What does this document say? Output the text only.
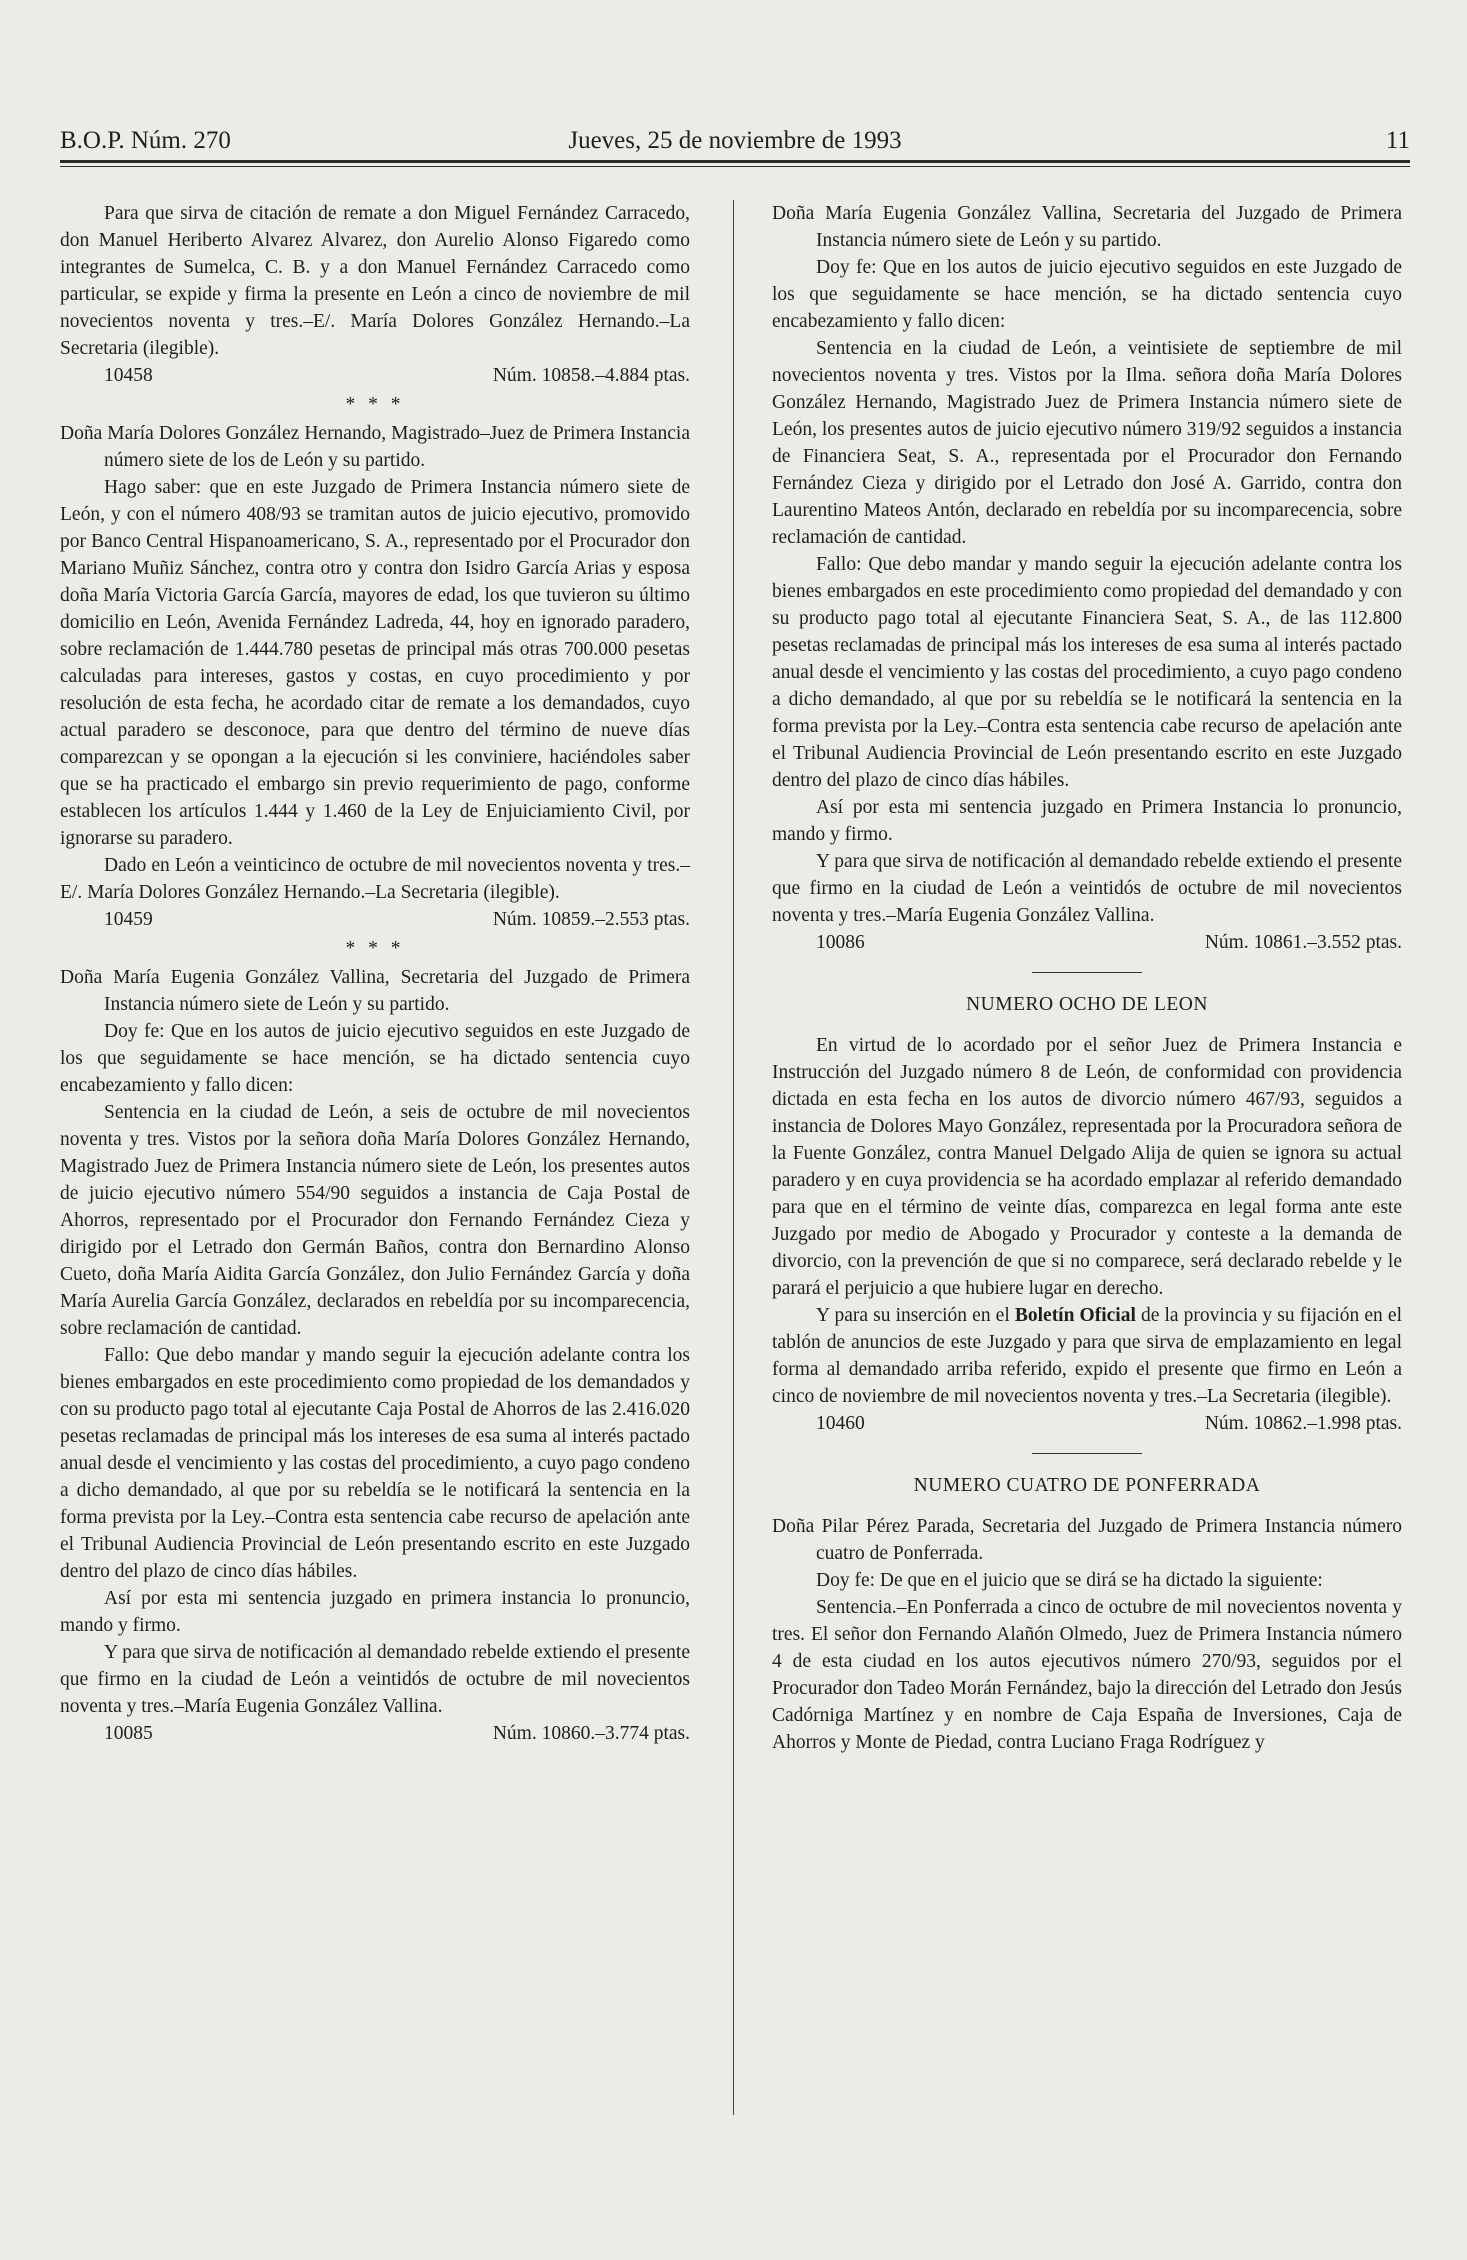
B.O.P. Núm. 270	Jueves, 25 de noviembre de 1993	11

Para que sirva de citación de remate a don Miguel Fernández Carracedo, don Manuel Heriberto Alvarez Alvarez, don Aurelio Alonso Figaredo como integrantes de Sumelca, C. B. y a don Manuel Fernández Carracedo como particular, se expide y firma la presente en León a cinco de noviembre de mil novecientos noventa y tres.–E/. María Dolores González Hernando.–La Secretaria (ilegible).

10458	Núm. 10858.–4.884 ptas.
* * *

Doña María Dolores González Hernando, Magistrado–Juez de Primera Instancia número siete de los de León y su partido.

Hago saber: que en este Juzgado de Primera Instancia número siete de León, y con el número 408/93 se tramitan autos de juicio ejecutivo, promovido por Banco Central Hispanoamericano, S. A., representado por el Procurador don Mariano Muñiz Sánchez, contra otro y contra don Isidro García Arias y esposa doña María Victoria García García, mayores de edad, los que tuvieron su último domicilio en León, Avenida Fernández Ladreda, 44, hoy en ignorado paradero, sobre reclamación de 1.444.780 pesetas de principal más otras 700.000 pesetas calculadas para intereses, gastos y costas, en cuyo procedimiento y por resolución de esta fecha, he acordado citar de remate a los demandados, cuyo actual paradero se desconoce, para que dentro del término de nueve días comparezcan y se opongan a la ejecución si les conviniere, haciéndoles saber que se ha practicado el embargo sin previo requerimiento de pago, conforme establecen los artículos 1.444 y 1.460 de la Ley de Enjuiciamiento Civil, por ignorarse su paradero.

Dado en León a veinticinco de octubre de mil novecientos noventa y tres.–E/. María Dolores González Hernando.–La Secretaria (ilegible).

10459	Núm. 10859.–2.553 ptas.
* * *

Doña María Eugenia González Vallina, Secretaria del Juzgado de Primera Instancia número siete de León y su partido.

Doy fe: Que en los autos de juicio ejecutivo seguidos en este Juzgado de los que seguidamente se hace mención, se ha dictado sentencia cuyo encabezamiento y fallo dicen:

Sentencia en la ciudad de León, a seis de octubre de mil novecientos noventa y tres. Vistos por la señora doña María Dolores González Hernando, Magistrado Juez de Primera Instancia número siete de León, los presentes autos de juicio ejecutivo número 554/90 seguidos a instancia de Caja Postal de Ahorros, representado por el Procurador don Fernando Fernández Cieza y dirigido por el Letrado don Germán Baños, contra don Bernardino Alonso Cueto, doña María Aidita García González, don Julio Fernández García y doña María Aurelia García González, declarados en rebeldía por su incomparecencia, sobre reclamación de cantidad.

Fallo: Que debo mandar y mando seguir la ejecución adelante contra los bienes embargados en este procedimiento como propiedad de los demandados y con su producto pago total al ejecutante Caja Postal de Ahorros de las 2.416.020 pesetas reclamadas de principal más los intereses de esa suma al interés pactado anual desde el vencimiento y las costas del procedimiento, a cuyo pago condeno a dicho demandado, al que por su rebeldía se le notificará la sentencia en la forma prevista por la Ley.–Contra esta sentencia cabe recurso de apelación ante el Tribunal Audiencia Provincial de León presentando escrito en este Juzgado dentro del plazo de cinco días hábiles.

Así por esta mi sentencia juzgado en primera instancia lo pronuncio, mando y firmo.

Y para que sirva de notificación al demandado rebelde extiendo el presente que firmo en la ciudad de León a veintidós de octubre de mil novecientos noventa y tres.–María Eugenia González Vallina.

10085	Núm. 10860.–3.774 ptas.

Doña María Eugenia González Vallina, Secretaria del Juzgado de Primera Instancia número siete de León y su partido.

Doy fe: Que en los autos de juicio ejecutivo seguidos en este Juzgado de los que seguidamente se hace mención, se ha dictado sentencia cuyo encabezamiento y fallo dicen:

Sentencia en la ciudad de León, a veintisiete de septiembre de mil novecientos noventa y tres. Vistos por la Ilma. señora doña María Dolores González Hernando, Magistrado Juez de Primera Instancia número siete de León, los presentes autos de juicio ejecutivo número 319/92 seguidos a instancia de Financiera Seat, S. A., representada por el Procurador don Fernando Fernández Cieza y dirigido por el Letrado don José A. Garrido, contra don Laurentino Mateos Antón, declarado en rebeldía por su incomparecencia, sobre reclamación de cantidad.

Fallo: Que debo mandar y mando seguir la ejecución adelante contra los bienes embargados en este procedimiento como propiedad del demandado y con su producto pago total al ejecutante Financiera Seat, S. A., de las 112.800 pesetas reclamadas de principal más los intereses de esa suma al interés pactado anual desde el vencimiento y las costas del procedimiento, a cuyo pago condeno a dicho demandado, al que por su rebeldía se le notificará la sentencia en la forma prevista por la Ley.–Contra esta sentencia cabe recurso de apelación ante el Tribunal Audiencia Provincial de León presentando escrito en este Juzgado dentro del plazo de cinco días hábiles.

Así por esta mi sentencia juzgado en Primera Instancia lo pronuncio, mando y firmo.

Y para que sirva de notificación al demandado rebelde extiendo el presente que firmo en la ciudad de León a veintidós de octubre de mil novecientos noventa y tres.–María Eugenia González Vallina.

10086	Núm. 10861.–3.552 ptas.
NUMERO OCHO DE LEON

En virtud de lo acordado por el señor Juez de Primera Instancia e Instrucción del Juzgado número 8 de León, de conformidad con providencia dictada en esta fecha en los autos de divorcio número 467/93, seguidos a instancia de Dolores Mayo González, representada por la Procuradora señora de la Fuente González, contra Manuel Delgado Alija de quien se ignora su actual paradero y en cuya providencia se ha acordado emplazar al referido demandado para que en el término de veinte días, comparezca en legal forma ante este Juzgado por medio de Abogado y Procurador y conteste a la demanda de divorcio, con la prevención de que si no comparece, será declarado rebelde y le parará el perjuicio a que hubiere lugar en derecho.

Y para su inserción en el Boletín Oficial de la provincia y su fijación en el tablón de anuncios de este Juzgado y para que sirva de emplazamiento en legal forma al demandado arriba referido, expido el presente que firmo en León a cinco de noviembre de mil novecientos noventa y tres.–La Secretaria (ilegible).

10460	Núm. 10862.–1.998 ptas.
NUMERO CUATRO DE PONFERRADA

Doña Pilar Pérez Parada, Secretaria del Juzgado de Primera Instancia número cuatro de Ponferrada.

Doy fe: De que en el juicio que se dirá se ha dictado la siguiente:

Sentencia.–En Ponferrada a cinco de octubre de mil novecientos noventa y tres. El señor don Fernando Alañón Olmedo, Juez de Primera Instancia número 4 de esta ciudad en los autos ejecutivos número 270/93, seguidos por el Procurador don Tadeo Morán Fernández, bajo la dirección del Letrado don Jesús Cadórniga Martínez y en nombre de Caja España de Inversiones, Caja de Ahorros y Monte de Piedad, contra Luciano Fraga Rodríguez y
